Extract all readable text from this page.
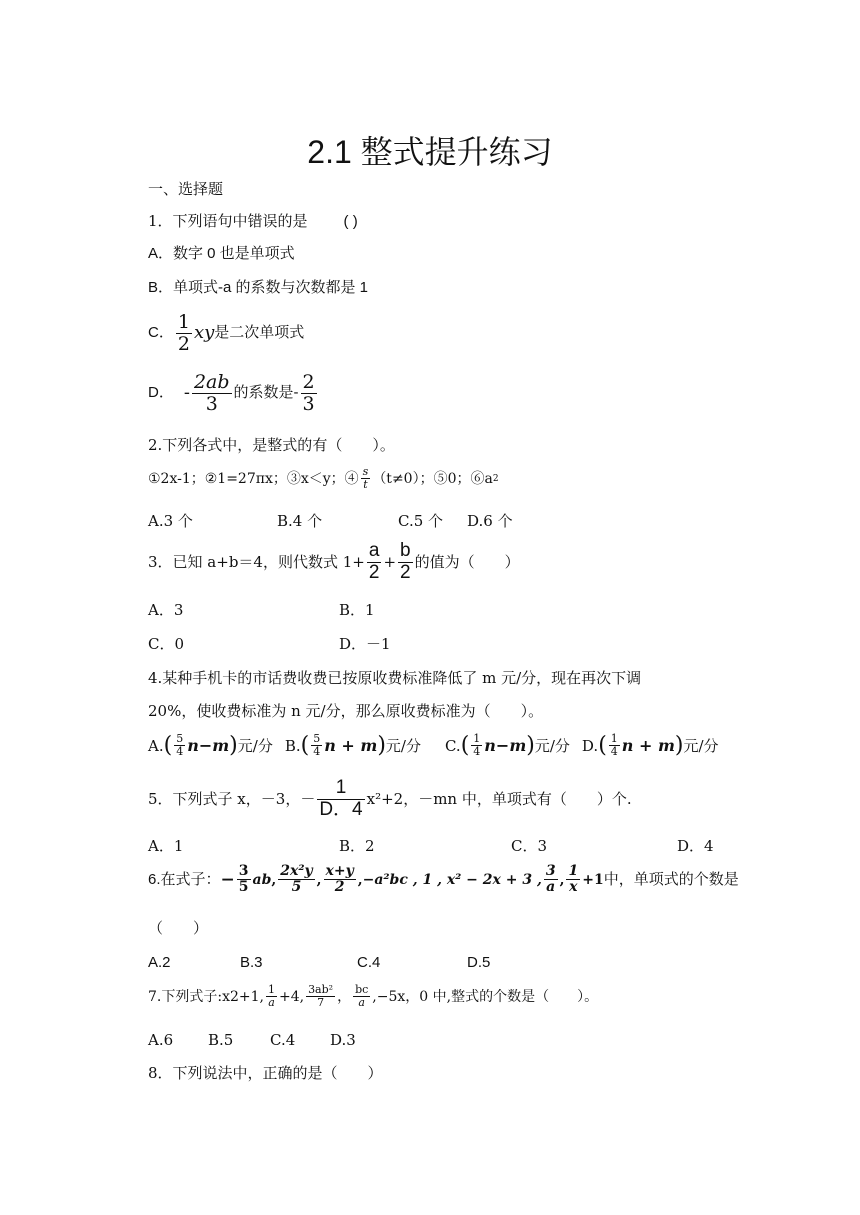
2.1 整式提升练习
一、选择题
1．下列语句中错误的是 ( )
A．数字 0 也是单项式
B．单项式-a 的系数与次数都是 1
C． $\frac{1}{2}$ xy 是二次单项式
D． - $\frac{2ab}{3}$ 的系数是- $\frac{2}{3}$
2.下列各式中，是整式的有（　　）。
①2x-1；②1=27πx；③x＜y；④ $\frac{s}{t} (t\ne 0)$；⑤0；⑥a 2
A.3 个	B.4 个	C.5 个 D.6 个
3．已知 a+b＝4，则代数式 $1+ \frac{a}{2} + \frac{b}{2}$ 的值为（　　）
A．3	B．1
C．0	D．－1
4.某种手机卡的市话费收费已按原收费标准降低了 m 元/分，现在再次下调
20%，使收费标准为 n 元/分，那么原收费标准为（　　）。
A. ( $\frac{5}{4} n-m$ ) 元/分 B. ( $\frac{5}{4}$ n + m ) 元/分 C. ( $\frac{1}{4} n-m$ ) 元/分 D. ( $\frac{1}{4}$ n + m ) 元/分
5．下列式子 x，－3，－ $\frac{1}{D.4} x^2+2$，－mn 中，单项式有（　　）个.
A．1	B．2	C．3	D．4
6.在式子： − $\frac{3}{5}$ ab , $\frac{\text{2x²y}}{5}$ , $\frac{x+y}{2}$ , −a²bc , 1 , x² − 2x + 3 , $\frac{3}{a}$ , $\frac{1}{x} +1$ 中，单项式的个数是
（　　）
A.2	B.3	C.4	D.5
7.下列式子:x2+1, $\frac{1}{a} +4$, $\frac{\text{3ab²}}{7}$ ， $\frac{bc}{a} ,-5x$，0 中,整式的个数是（　　）。
A.6 B.5 C.4 D.3
8．下列说法中，正确的是（　　）
